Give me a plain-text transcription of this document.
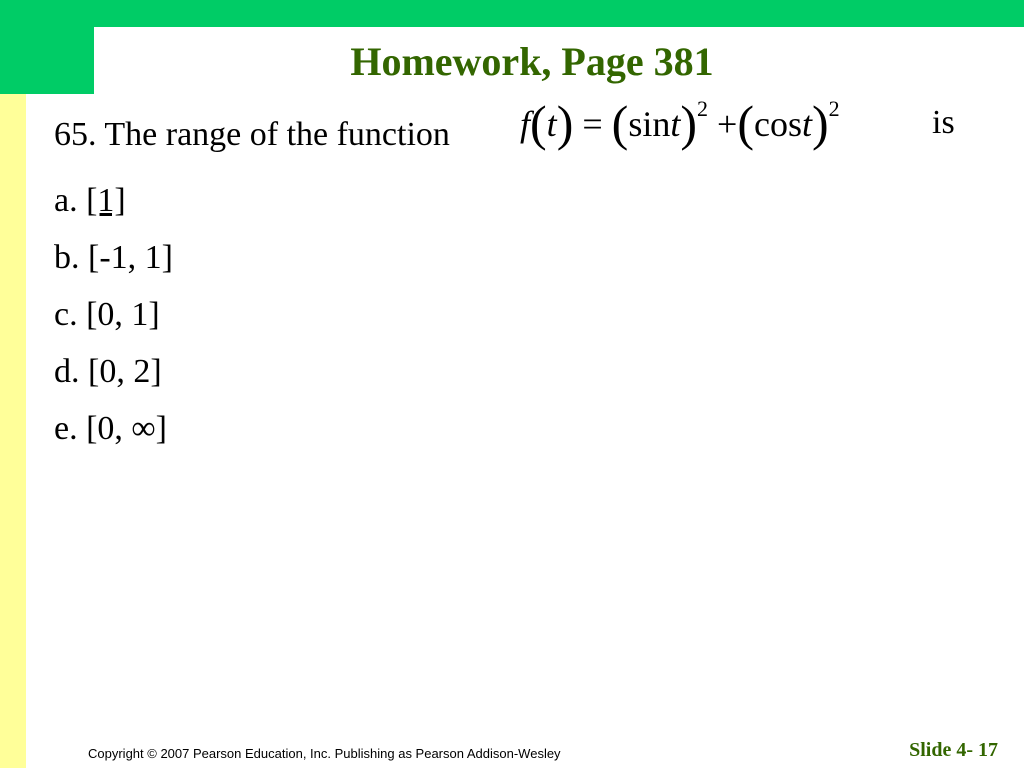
Homework, Page 381
65. The range of the function $f(t) = (\sin t)^2 +(\cos t)^2$	is
a. [1]
b. [-1, 1]
c. [0, 1]
d. [0, 2]
e. [0, ∞]
Copyright © 2007 Pearson Education, Inc. Publishing as Pearson Addison-Wesley	Slide 4- 17
